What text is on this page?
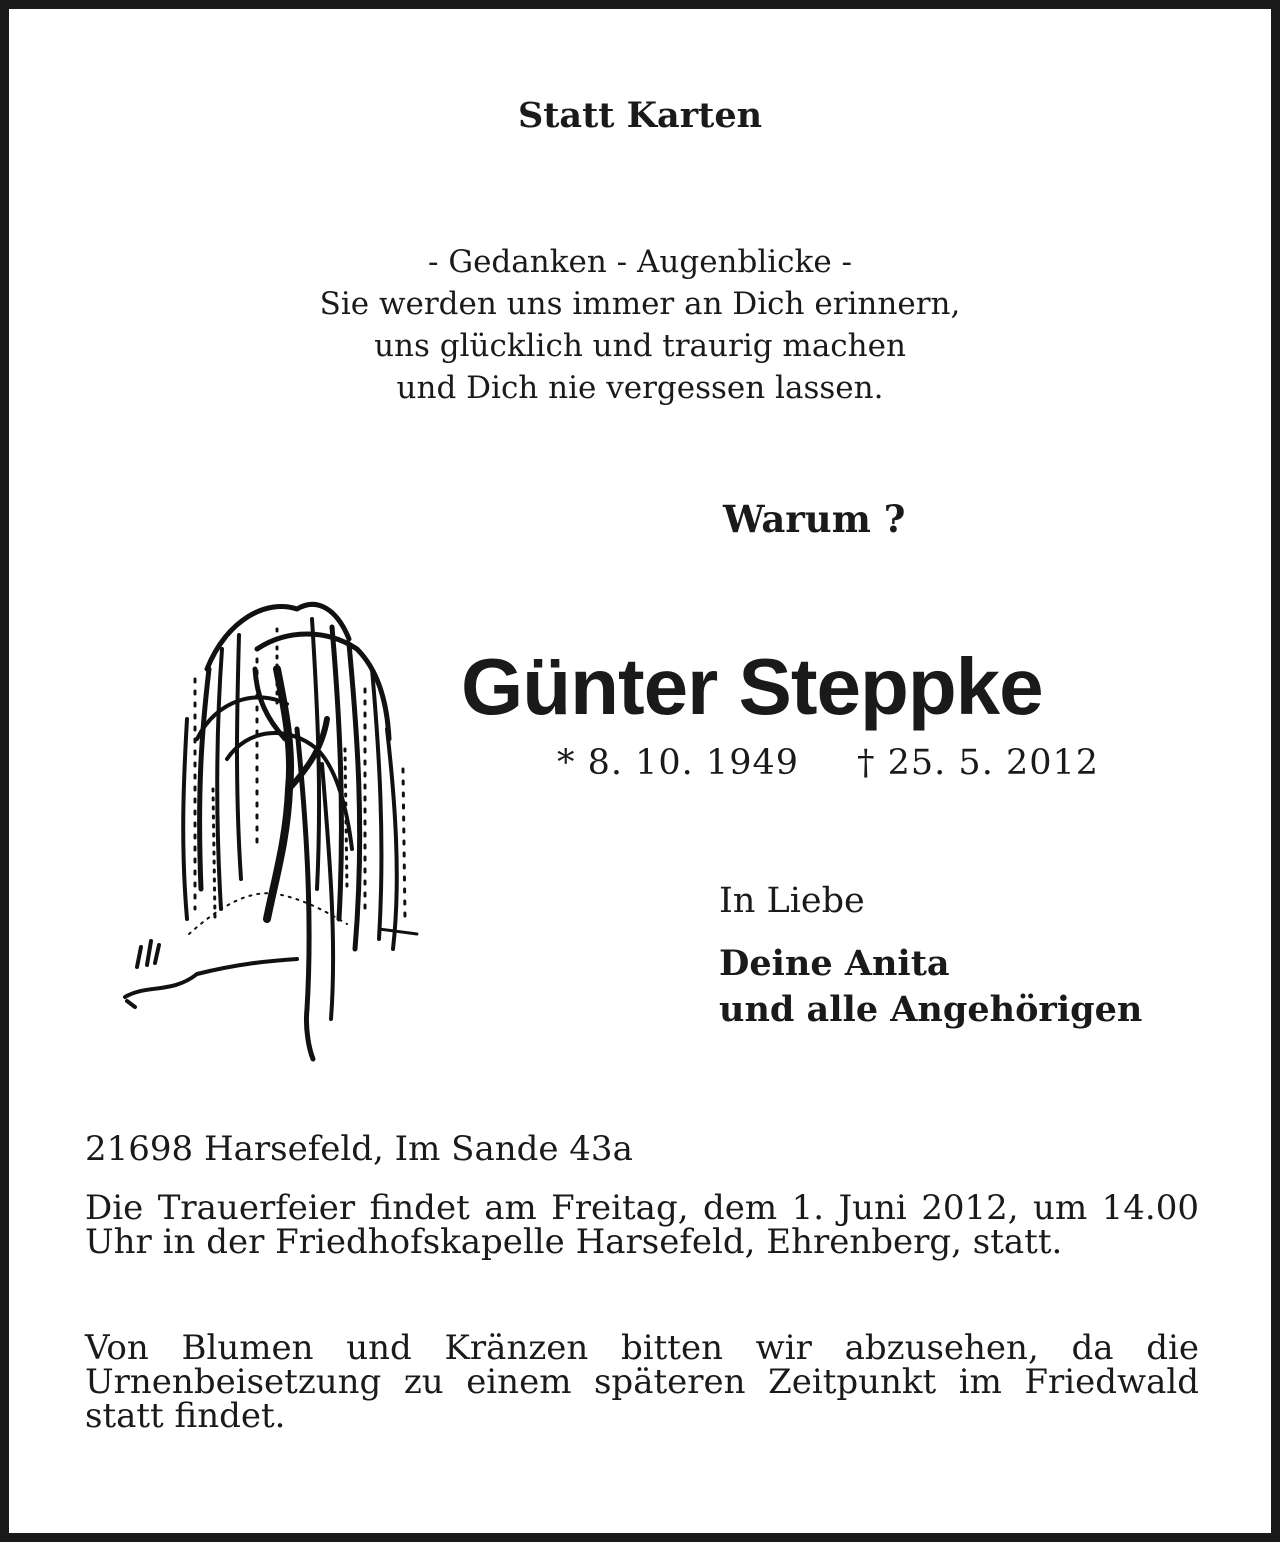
Statt Karten
- Gedanken - Augenblicke -
Sie werden uns immer an Dich erinnern,
uns glücklich und traurig machen
und Dich nie vergessen lassen.
Warum ?
Günter Steppke
* 8. 10. 1949 † 25. 5. 2012
In Liebe
Deine Anita
und alle Angehörigen
21698 Harsefeld, Im Sande 43a

Die Trauerfeier findet am Freitag, dem 1. Juni 2012, um 14.00 Uhr in der Friedhofskapelle Harsefeld, Ehrenberg, statt.

Von Blumen und Kränzen bitten wir abzusehen, da die Urnenbeisetzung zu einem späteren Zeitpunkt im Friedwald statt findet.
